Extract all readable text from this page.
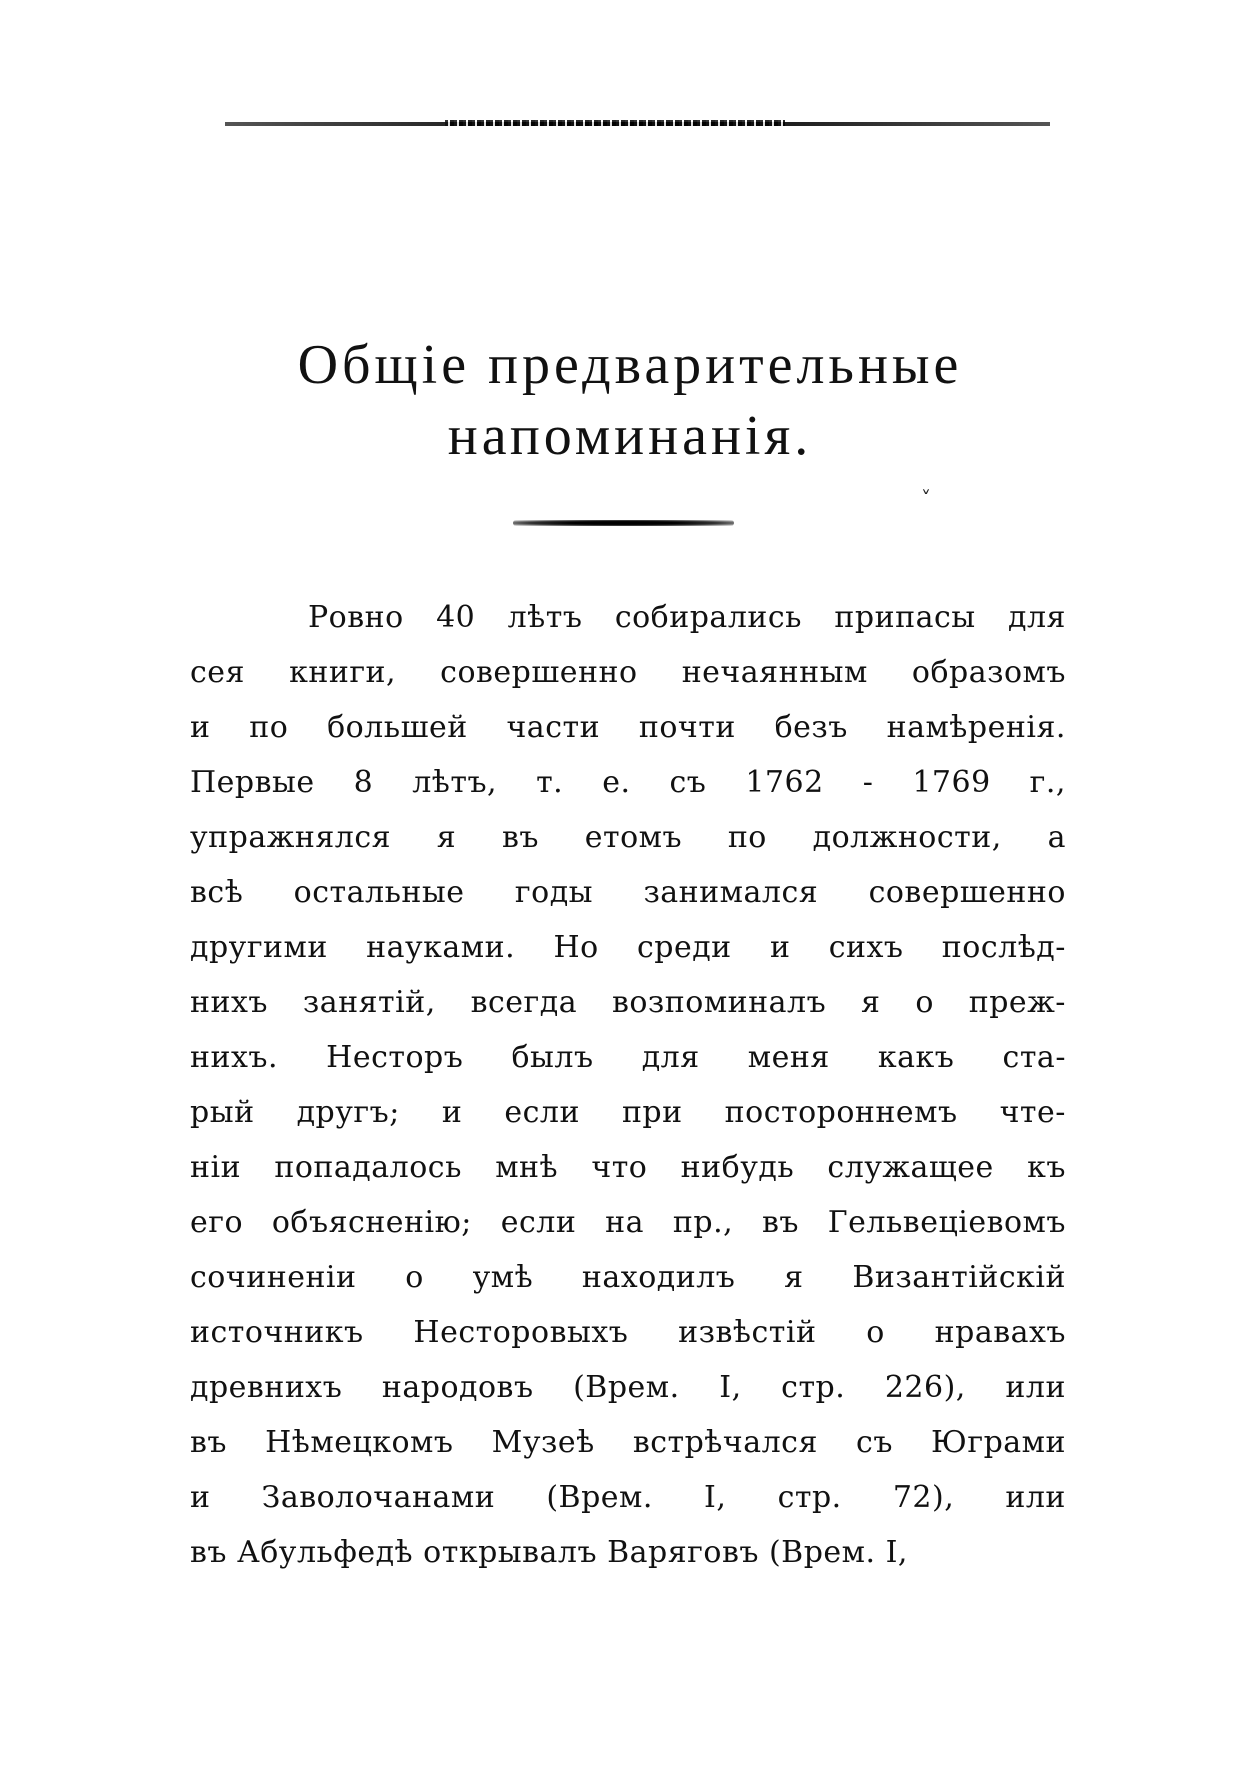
Общіе предварительные
напоминанія.
˅
Ровно 40 лѣтъ собирались припасы для
сея книги, совершенно нечаянным образомъ
и по большей части почти безъ намѣренія.
Первые 8 лѣтъ, т. е. съ 1762 - 1769 г.,
упражнялся я въ етомъ по должности, а
всѣ остальные годы занимался совершенно
другими науками. Но среди и сихъ послѣд-
нихъ занятій, всегда возпоминалъ я о преж-
нихъ. Несторъ былъ для меня какъ ста-
рый другъ; и если при постороннемъ чте-
ніи попадалось мнѣ что нибудь служащее къ
его объясненію; если на пр., въ Гельвеціевомъ
сочиненіи о умѣ находилъ я Византійскій
источникъ Несторовыхъ извѣстій о нравахъ
древнихъ народовъ (Врем. I, стр. 226), или
въ Нѣмецкомъ Музеѣ встрѣчался съ Юграми
и Заволочанами (Врем. I, стр. 72), или
въ Абульфедѣ открывалъ Варяговъ (Врем. I,
